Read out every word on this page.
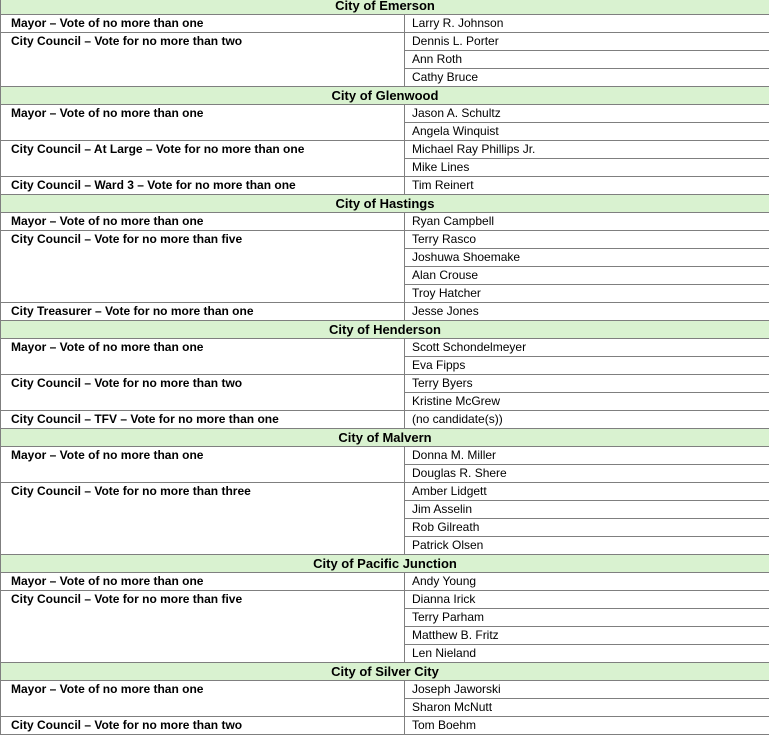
City of Emerson	
Mayor – Vote of no more than one	Larry R. Johnson
City Council – Vote for no more than two	Dennis L. Porter
	Ann Roth
	Cathy Bruce
City of Glenwood	
Mayor – Vote of no more than one	Jason A. Schultz
	Angela Winquist
City Council – At Large – Vote for no more than one	Michael Ray Phillips Jr.
	Mike Lines
City Council – Ward 3 – Vote for no more than one	Tim Reinert
City of Hastings	
Mayor – Vote of no more than one	Ryan Campbell
City Council – Vote for no more than five	Terry Rasco
	Joshuwa Shoemake
	Alan Crouse
	Troy Hatcher
City Treasurer – Vote for no more than one	Jesse Jones
City of Henderson	
Mayor – Vote of no more than one	Scott Schondelmeyer
	Eva Fipps
City Council – Vote for no more than two	Terry Byers
	Kristine McGrew
City Council – TFV – Vote for no more than one	(no candidate(s))
City of Malvern	
Mayor – Vote of no more than one	Donna M. Miller
	Douglas R. Shere
City Council – Vote for no more than three	Amber Lidgett
	Jim Asselin
	Rob Gilreath
	Patrick Olsen
City of Pacific Junction	
Mayor – Vote of no more than one	Andy Young
City Council – Vote for no more than five	Dianna Irick
	Terry Parham
	Matthew B. Fritz
	Len Nieland
City of Silver City	
Mayor – Vote of no more than one	Joseph Jaworski
	Sharon McNutt
City Council – Vote for no more than two	Tom Boehm
